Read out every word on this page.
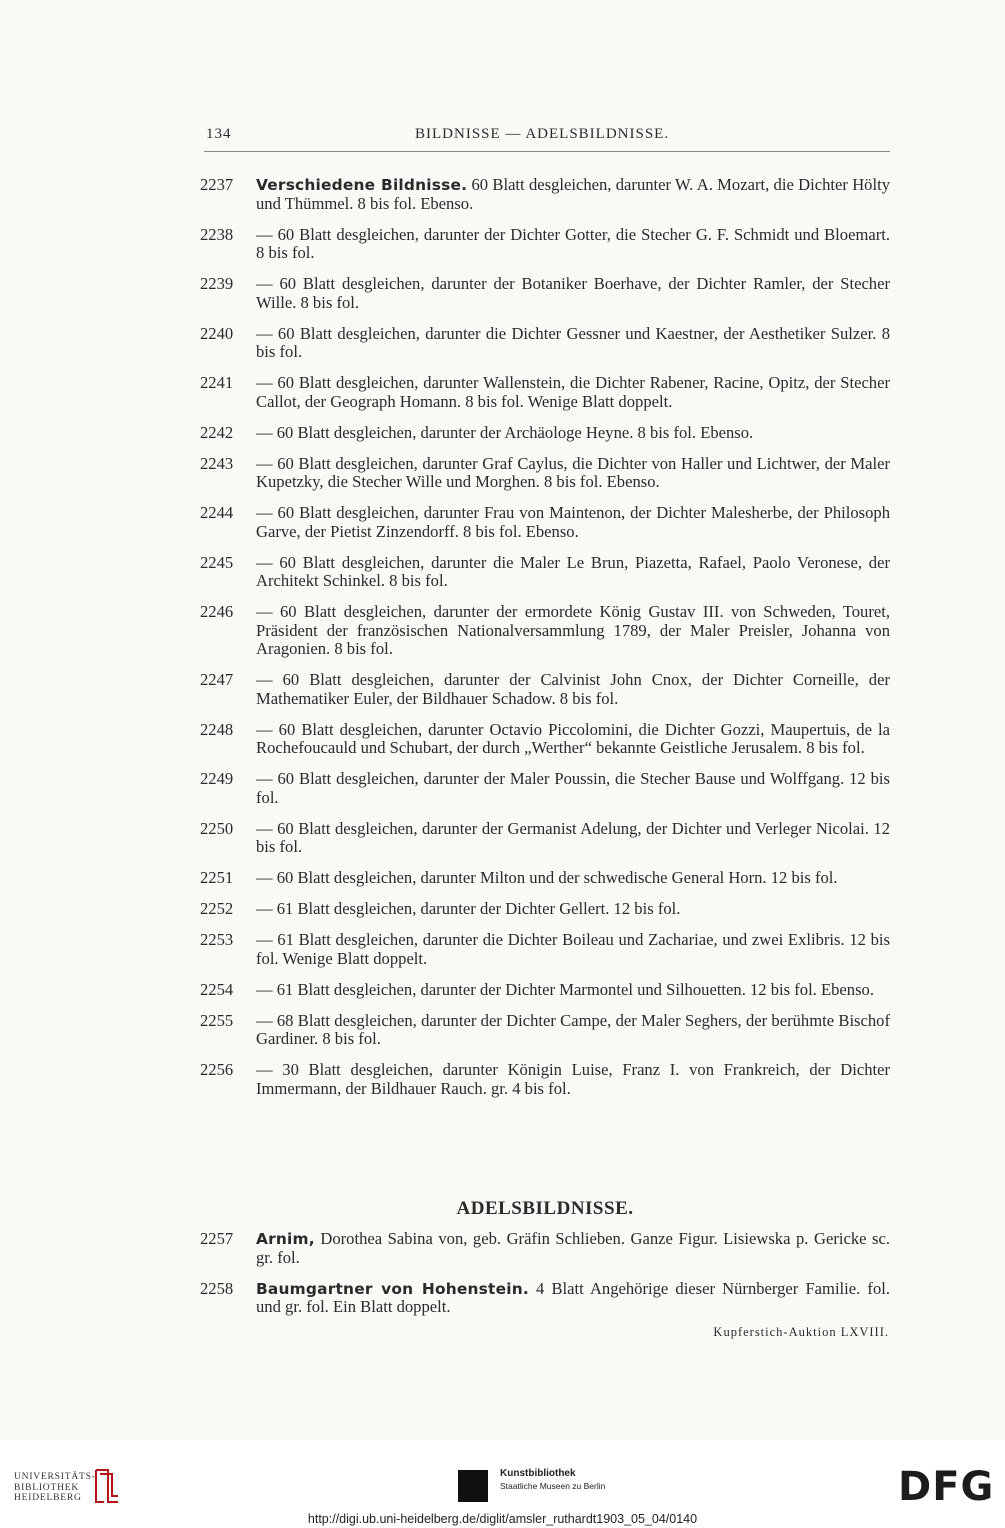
134	BILDNISSE — ADELSBILDNISSE.
2237	Verschiedene Bildnisse. 60 Blatt desgleichen, darunter W. A. Mozart, die Dichter Hölty und Thümmel. 8 bis fol. Ebenso.
2238	— 60 Blatt desgleichen, darunter der Dichter Gotter, die Stecher G. F. Schmidt und Bloemart. 8 bis fol.
2239	— 60 Blatt desgleichen, darunter der Botaniker Boerhave, der Dichter Ramler, der Stecher Wille. 8 bis fol.
2240	— 60 Blatt desgleichen, darunter die Dichter Gessner und Kaestner, der Aesthetiker Sulzer. 8 bis fol.
2241	— 60 Blatt desgleichen, darunter Wallenstein, die Dichter Rabener, Racine, Opitz, der Stecher Callot, der Geograph Homann. 8 bis fol. Wenige Blatt doppelt.
2242	— 60 Blatt desgleichen, darunter der Archäologe Heyne. 8 bis fol. Ebenso.
2243	— 60 Blatt desgleichen, darunter Graf Caylus, die Dichter von Haller und Lichtwer, der Maler Kupetzky, die Stecher Wille und Morghen. 8 bis fol. Ebenso.
2244	— 60 Blatt desgleichen, darunter Frau von Maintenon, der Dichter Malesherbe, der Philosoph Garve, der Pietist Zinzendorff. 8 bis fol. Ebenso.
2245	— 60 Blatt desgleichen, darunter die Maler Le Brun, Piazetta, Rafael, Paolo Veronese, der Architekt Schinkel. 8 bis fol.
2246	— 60 Blatt desgleichen, darunter der ermordete König Gustav III. von Schweden, Touret, Präsident der französischen Nationalversammlung 1789, der Maler Preisler, Johanna von Aragonien. 8 bis fol.
2247	— 60 Blatt desgleichen, darunter der Calvinist John Cnox, der Dichter Corneille, der Mathematiker Euler, der Bildhauer Schadow. 8 bis fol.
2248	— 60 Blatt desgleichen, darunter Octavio Piccolomini, die Dichter Gozzi, Maupertuis, de la Rochefoucauld und Schubart, der durch „Werther“ bekannte Geistliche Jerusalem. 8 bis fol.
2249	— 60 Blatt desgleichen, darunter der Maler Poussin, die Stecher Bause und Wolffgang. 12 bis fol.
2250	— 60 Blatt desgleichen, darunter der Germanist Adelung, der Dichter und Verleger Nicolai. 12 bis fol.
2251	— 60 Blatt desgleichen, darunter Milton und der schwedische General Horn. 12 bis fol.
2252	— 61 Blatt desgleichen, darunter der Dichter Gellert. 12 bis fol.
2253	— 61 Blatt desgleichen, darunter die Dichter Boileau und Zachariae, und zwei Exlibris. 12 bis fol. Wenige Blatt doppelt.
2254	— 61 Blatt desgleichen, darunter der Dichter Marmontel und Silhouetten. 12 bis fol. Ebenso.
2255	— 68 Blatt desgleichen, darunter der Dichter Campe, der Maler Seghers, der berühmte Bischof Gardiner. 8 bis fol.
2256	— 30 Blatt desgleichen, darunter Königin Luise, Franz I. von Frankreich, der Dichter Immermann, der Bildhauer Rauch. gr. 4 bis fol.
ADELSBILDNISSE.
2257	Arnim, Dorothea Sabina von, geb. Gräfin Schlieben. Ganze Figur. Lisiewska p. Gericke sc. gr. fol.
2258	Baumgartner von Hohenstein. 4 Blatt Angehörige dieser Nürnberger Familie. fol. und gr. fol. Ein Blatt doppelt.
Kupferstich-Auktion LXVIII.
UNIVERSITÄTS-
BIBLIOTHEK
HEIDELBERG
Kunstbibliothek
Staatliche Museen zu Berlin	DFG
http://digi.ub.uni-heidelberg.de/diglit/amsler_ruthardt1903_05_04/0140
